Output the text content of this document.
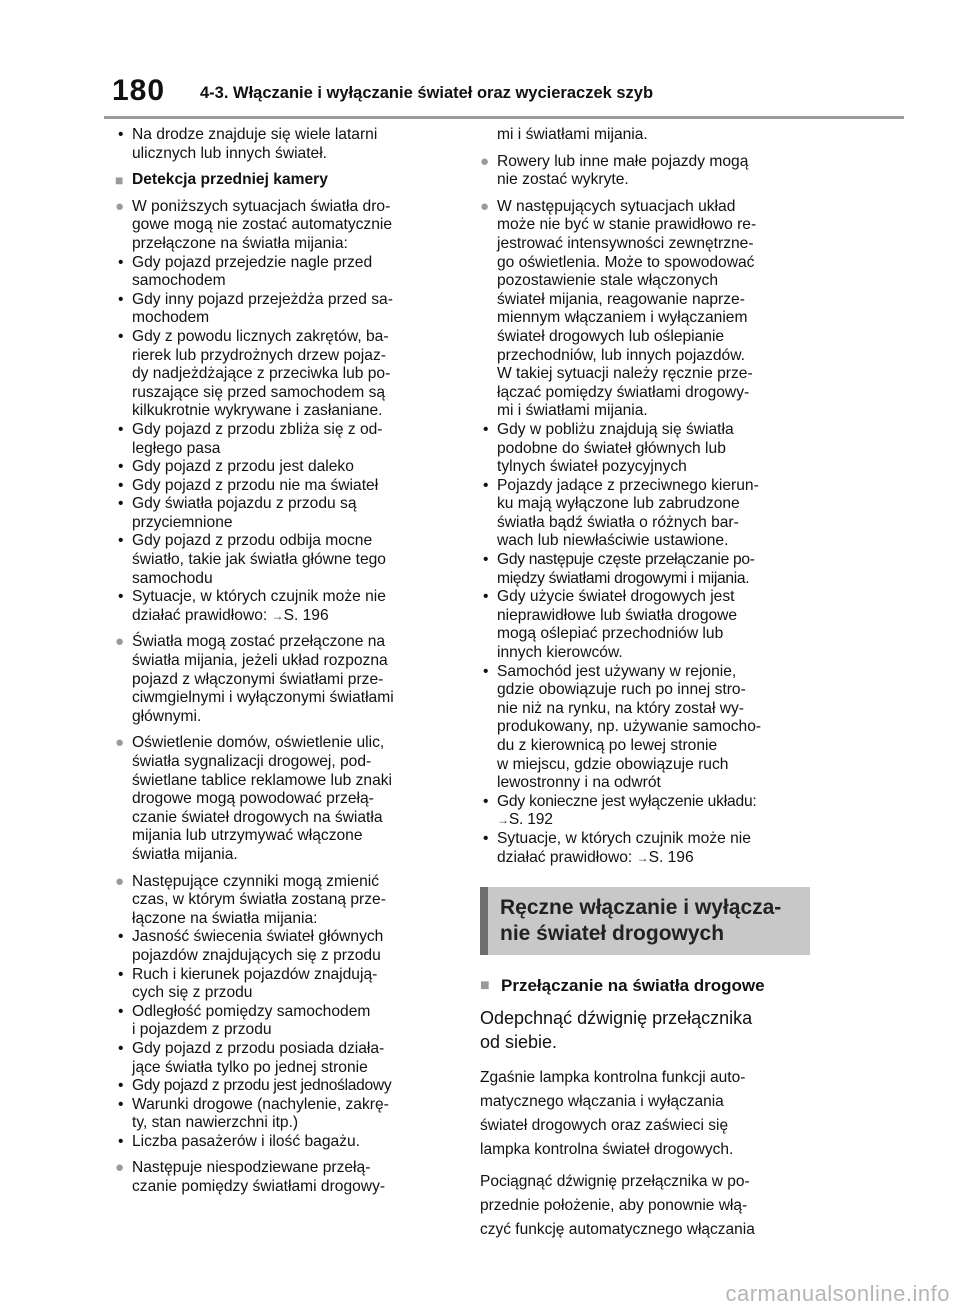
180 4-3. Włączanie i wyłączanie świateł oraz wycieraczek szyb
• Na drodze znajduje się wiele latarni
ulicznych lub innych świateł.
■ Detekcja przedniej kamery
● W poniższych sytuacjach światła dro-
gowe mogą nie zostać automatycznie
przełączone na światła mijania:
• Gdy pojazd przejedzie nagle przed
samochodem
• Gdy inny pojazd przejeżdża przed sa-
mochodem
• Gdy z powodu licznych zakrętów, ba-
rierek lub przydrożnych drzew pojaz-
dy nadjeżdżające z przeciwka lub po-
ruszające się przed samochodem są
kilkukrotnie wykrywane i zasłaniane.
• Gdy pojazd z przodu zbliża się z od-
ległego pasa
• Gdy pojazd z przodu jest daleko
• Gdy pojazd z przodu nie ma świateł
• Gdy światła pojazdu z przodu są
przyciemnione
• Gdy pojazd z przodu odbija mocne
światło, takie jak światła główne tego
samochodu
• Sytuacje, w których czujnik może nie
działać prawidłowo: →S. 196
● Światła mogą zostać przełączone na
światła mijania, jeżeli układ rozpozna
pojazd z włączonymi światłami prze-
ciwmgielnymi i wyłączonymi światłami
głównymi.
● Oświetlenie domów, oświetlenie ulic,
światła sygnalizacji drogowej, pod-
świetlane tablice reklamowe lub znaki
drogowe mogą powodować przełą-
czanie świateł drogowych na światła
mijania lub utrzymywać włączone
światła mijania.
● Następujące czynniki mogą zmienić
czas, w którym światła zostaną prze-
łączone na światła mijania:
• Jasność świecenia świateł głównych
pojazdów znajdujących się z przodu
• Ruch i kierunek pojazdów znajdują-
cych się z przodu
• Odległość pomiędzy samochodem
i pojazdem z przodu
• Gdy pojazd z przodu posiada działa-
jące światła tylko po jednej stronie
• Gdy pojazd z przodu jest jednośladowy
• Warunki drogowe (nachylenie, zakrę-
ty, stan nawierzchni itp.)
• Liczba pasażerów i ilość bagażu.
● Następuje niespodziewane przełą-
czanie pomiędzy światłami drogowy-
mi i światłami mijania.
● Rowery lub inne małe pojazdy mogą
nie zostać wykryte.
● W następujących sytuacjach układ
może nie być w stanie prawidłowo re-
jestrować intensywności zewnętrzne-
go oświetlenia. Może to spowodować
pozostawienie stale włączonych
świateł mijania, reagowanie naprze-
miennym włączaniem i wyłączaniem
świateł drogowych lub oślepianie
przechodniów, lub innych pojazdów.
W takiej sytuacji należy ręcznie prze-
łączać pomiędzy światłami drogowy-
mi i światłami mijania.
• Gdy w pobliżu znajdują się światła
podobne do świateł głównych lub
tylnych świateł pozycyjnych
• Pojazdy jadące z przeciwnego kierun-
ku mają wyłączone lub zabrudzone
światła bądź światła o różnych bar-
wach lub niewłaściwie ustawione.
• Gdy następuje częste przełączanie po-
między światłami drogowymi i mijania.
• Gdy użycie świateł drogowych jest
nieprawidłowe lub światła drogowe
mogą oślepiać przechodniów lub
innych kierowców.
• Samochód jest używany w rejonie,
gdzie obowiązuje ruch po innej stro-
nie niż na rynku, na który został wy-
produkowany, np. używanie samocho-
du z kierownicą po lewej stronie
w miejscu, gdzie obowiązuje ruch
lewostronny i na odwrót
• Gdy konieczne jest wyłączenie układu:
→S. 192
• Sytuacje, w których czujnik może nie
działać prawidłowo: →S. 196
Ręczne włączanie i wyłącza-
nie świateł drogowych
■ Przełączanie na światła drogowe
Odepchnąć dźwignię przełącznika
od siebie.
Zgaśnie lampka kontrolna funkcji auto-
matycznego włączania i wyłączania
świateł drogowych oraz zaświeci się
lampka kontrolna świateł drogowych.
Pociągnąć dźwignię przełącznika w po-
przednie położenie, aby ponownie włą-
czyć funkcję automatycznego włączania
carmanualsonline.info
